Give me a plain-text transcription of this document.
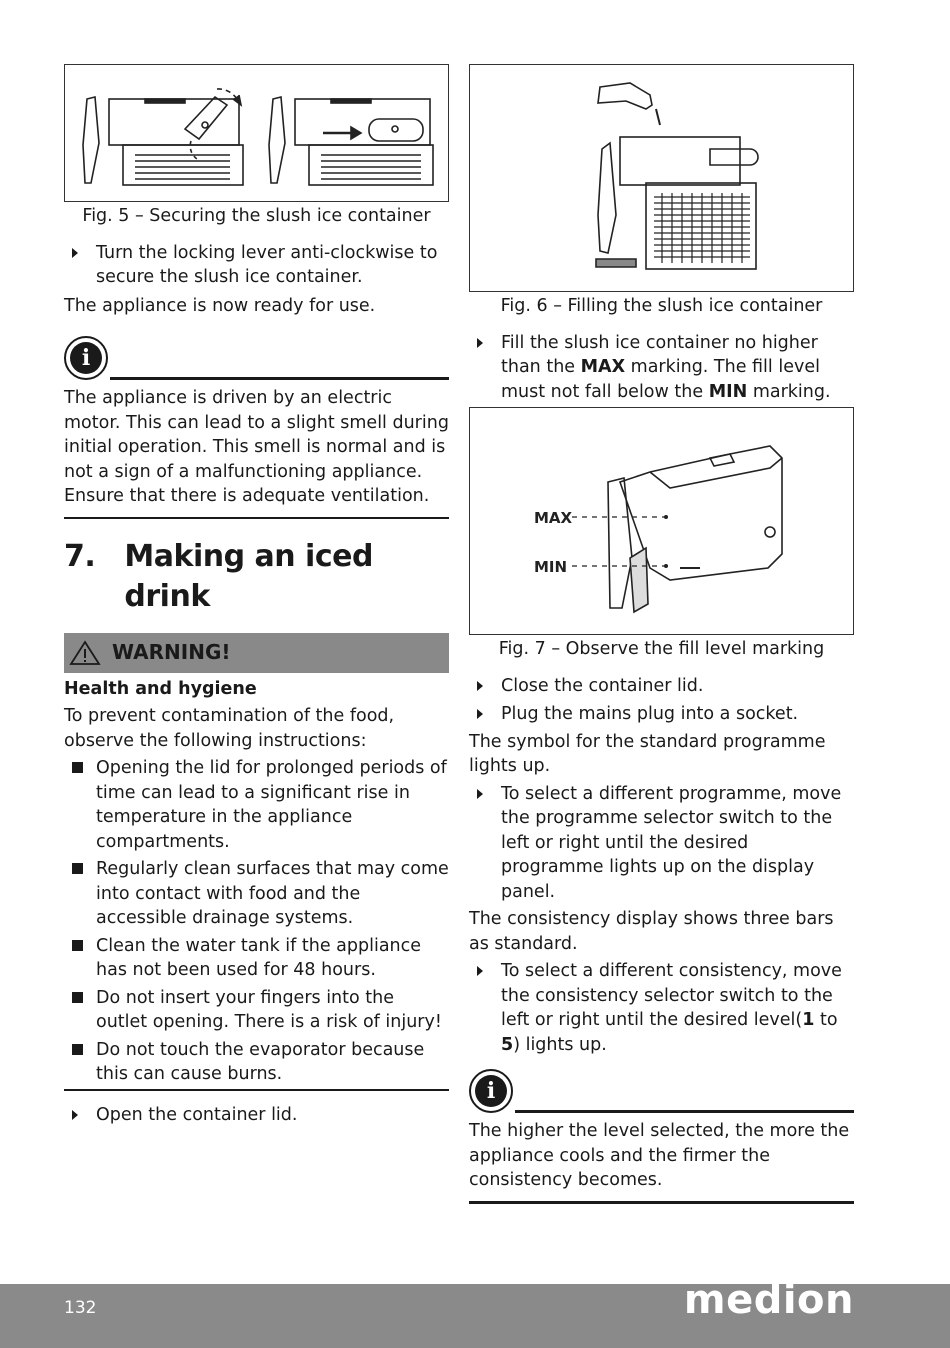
Fig. 5 – Securing the slush ice container
Turn the locking lever anti-clockwise to secure the slush ice container.

The appliance is now ready for use.

i

The appliance is driven by an electric motor. This can lead to a slight smell during initial operation. This smell is normal and is not a sign of a malfunctioning appliance. Ensure that there is adequate ventilation.

7. Making an iced drink
WARNING!

Health and hygiene

To prevent contamination of the food, observe the following instructions:

Opening the lid for prolonged periods of time can lead to a significant rise in temperature in the appliance compartments.
Regularly clean surfaces that may come into contact with food and the accessible drainage systems.
Clean the water tank if the appliance has not been used for 48 hours.
Do not insert your fingers into the outlet opening. There is a risk of injury!
Do not touch the evaporator because this can cause burns.
Open the container lid.
Fig. 6 – Filling the slush ice container
Fill the slush ice container no higher than the MAX marking. The fill level must not fall below the MIN marking.
MAX
MIN
Fig. 7 – Observe the fill level marking
Close the container lid.
Plug the mains plug into a socket.

The symbol for the standard programme lights up.

To select a different programme, move the programme selector switch to the left or right until the desired programme lights up on the display panel.

The consistency display shows three bars as standard.

To select a different consistency, move the consistency selector switch to the left or right until the desired level(1 to 5) lights up.
i

The higher the level selected, the more the appliance cools and the firmer the consistency becomes.

132	medion
